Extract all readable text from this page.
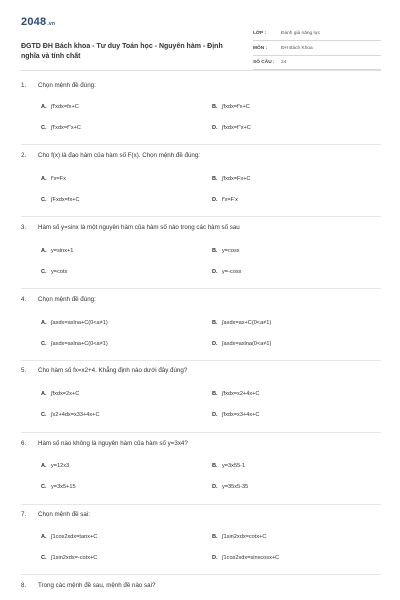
2048.vn
ĐGTD ĐH Bách khoa - Tư duy Toán học - Nguyên hàm - Định nghĩa và tính chất
LỚP :	Đánh giá năng lực
MÔN :	ĐH Bách Khoa
SỐ CÂU : 24
1. Chọn mệnh đề đúng:
A. ∫f'xdx=fx+C	B. ∫fxdx=f'x+C
C. ∫f'xdx=f''x+C	D. ∫fxdx=f''x+C
2. Cho f(x) là đạo hàm của hàm số F(x). Chọn mệnh đề đúng:
A. f'x=Fx	B. ∫fxdx=Fx+C
C. ∫Fxdx=fx+C	D. f'x=F'x
3. Hàm số y=sinx là một nguyên hàm của hàm số nào trong các hàm số sau
A. y=sinx+1	B. y=cosx
C. y=cotx	D. y=-cosx
4. Chọn mệnh đề đúng:
A. ∫axdx=axlna+C(0<a≠1)	B. ∫axdx=ax+C(0<a≠1)
C. ∫axdx=axlna+C(0<a≠1)	D. ∫axdx=axlna(0<a≠1)
5. Cho hàm số fx=x2+4. Khẳng định nào dưới đây đúng?
A. ∫fxdx=2x+C	B. ∫fxdx=x2+4x+C
C. ∫x2+4dx=x33+4x+C	D. ∫fxdx=x3+4x+C
6. Hàm số nào không là nguyên hàm của hàm số y=3x4?
A. y=12x3	B. y=3x55-1
C. y=3x5+15	D. y=35x5-35
7. Chọn mệnh đề sai:
A. ∫1cos2xdx=tanx+C	B. ∫1sin2xdx=cotx+C
C. ∫1sin2xdx=-cotx+C	D. ∫1cos2xdx=sinxcosx+C
8. Trong các mệnh đề sau, mệnh đề nào sai?
